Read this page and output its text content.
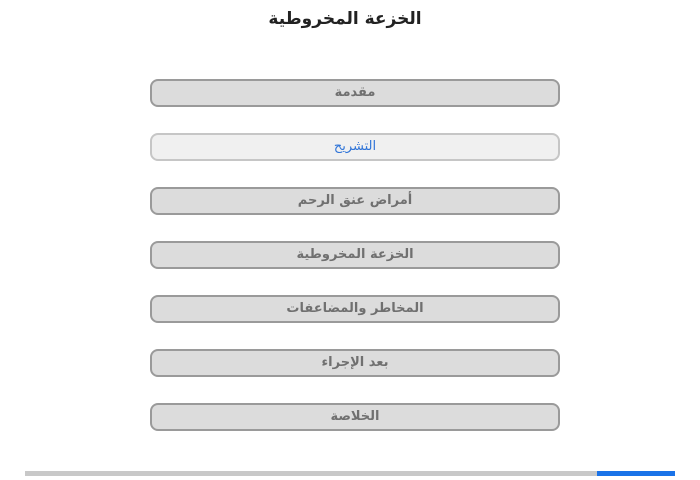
الخزعة المخروطية
مقدمة
التشريح
أمراض عنق الرحم
الخزعة المخروطية
المخاطر والمضاعفات
بعد الإجراء
الخلاصة
